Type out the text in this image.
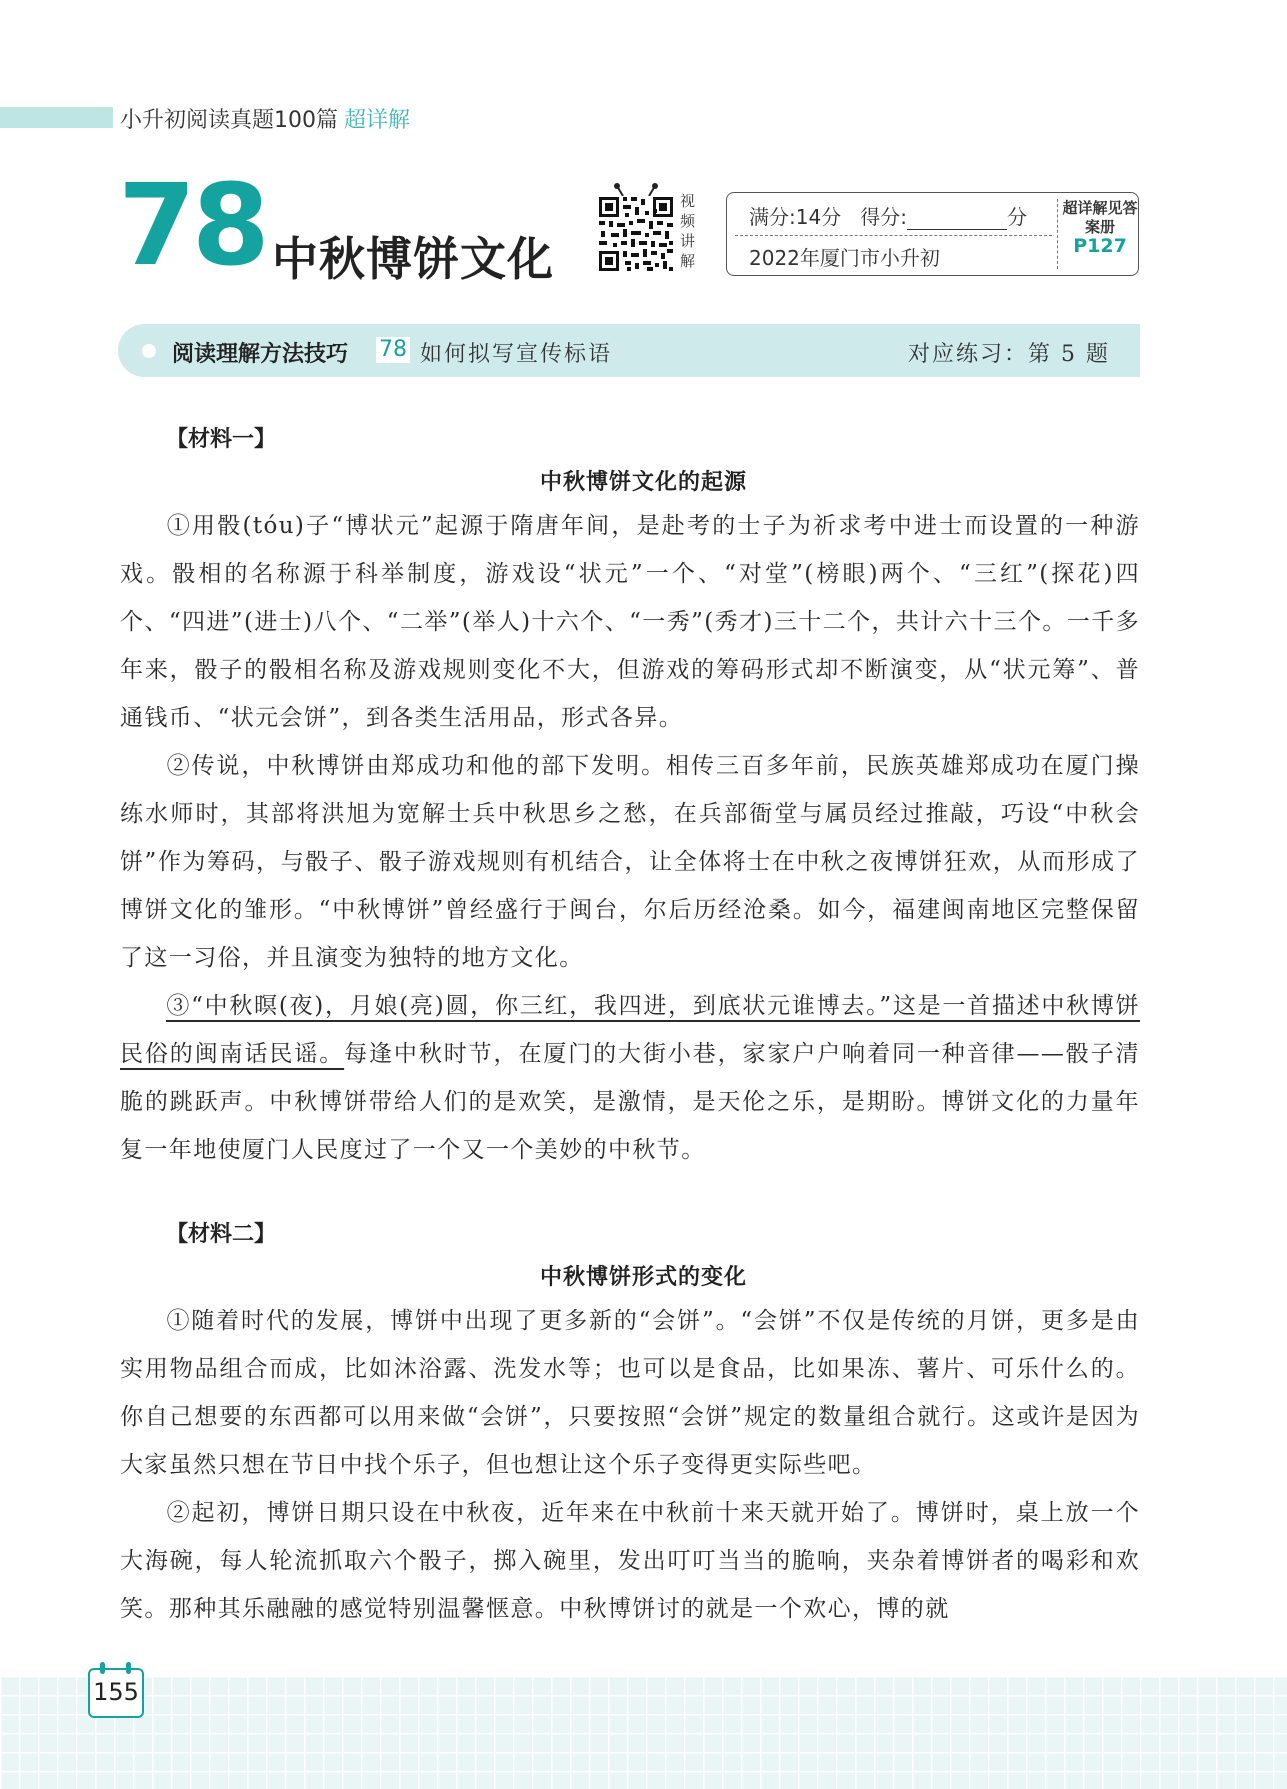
小升初阅读真题100篇 超详解
78 中秋博饼文化
视频讲解
满分:14分 得分:	分
2022年厦门市小升初
超详解见答案册
P127
阅读理解方法技巧 78 如何拟写宣传标语	对应练习：第 5 题
【材料一】
中秋博饼文化的起源
①用骰(tóu)子“博状元”起源于隋唐年间，是赴考的士子为祈求考中进士而设置的一种游戏。骰相的名称源于科举制度，游戏设“状元”一个、“对堂”(榜眼)两个、“三红”(探花)四个、“四进”(进士)八个、“二举”(举人)十六个、“一秀”(秀才)三十二个，共计六十三个。一千多年来，骰子的骰相名称及游戏规则变化不大，但游戏的筹码形式却不断演变，从“状元筹”、普通钱币、“状元会饼”，到各类生活用品，形式各异。
②传说，中秋博饼由郑成功和他的部下发明。相传三百多年前，民族英雄郑成功在厦门操练水师时，其部将洪旭为宽解士兵中秋思乡之愁，在兵部衙堂与属员经过推敲，巧设“中秋会饼”作为筹码，与骰子、骰子游戏规则有机结合，让全体将士在中秋之夜博饼狂欢，从而形成了博饼文化的雏形。“中秋博饼”曾经盛行于闽台，尔后历经沧桑。如今，福建闽南地区完整保留了这一习俗，并且演变为独特的地方文化。
③“中秋暝(夜)，月娘(亮)圆，你三红，我四进，到底状元谁博去。”这是一首描述中秋博饼民俗的闽南话民谣。每逢中秋时节，在厦门的大街小巷，家家户户响着同一种音律——骰子清脆的跳跃声。中秋博饼带给人们的是欢笑，是激情，是天伦之乐，是期盼。博饼文化的力量年复一年地使厦门人民度过了一个又一个美妙的中秋节。
【材料二】
中秋博饼形式的变化
①随着时代的发展，博饼中出现了更多新的“会饼”。“会饼”不仅是传统的月饼，更多是由实用物品组合而成，比如沐浴露、洗发水等；也可以是食品，比如果冻、薯片、可乐什么的。你自己想要的东西都可以用来做“会饼”，只要按照“会饼”规定的数量组合就行。这或许是因为大家虽然只想在节日中找个乐子，但也想让这个乐子变得更实际些吧。
②起初，博饼日期只设在中秋夜，近年来在中秋前十来天就开始了。博饼时，桌上放一个大海碗，每人轮流抓取六个骰子，掷入碗里，发出叮叮当当的脆响，夹杂着博饼者的喝彩和欢笑。那种其乐融融的感觉特别温馨惬意。中秋博饼讨的就是一个欢心，博的就
155
